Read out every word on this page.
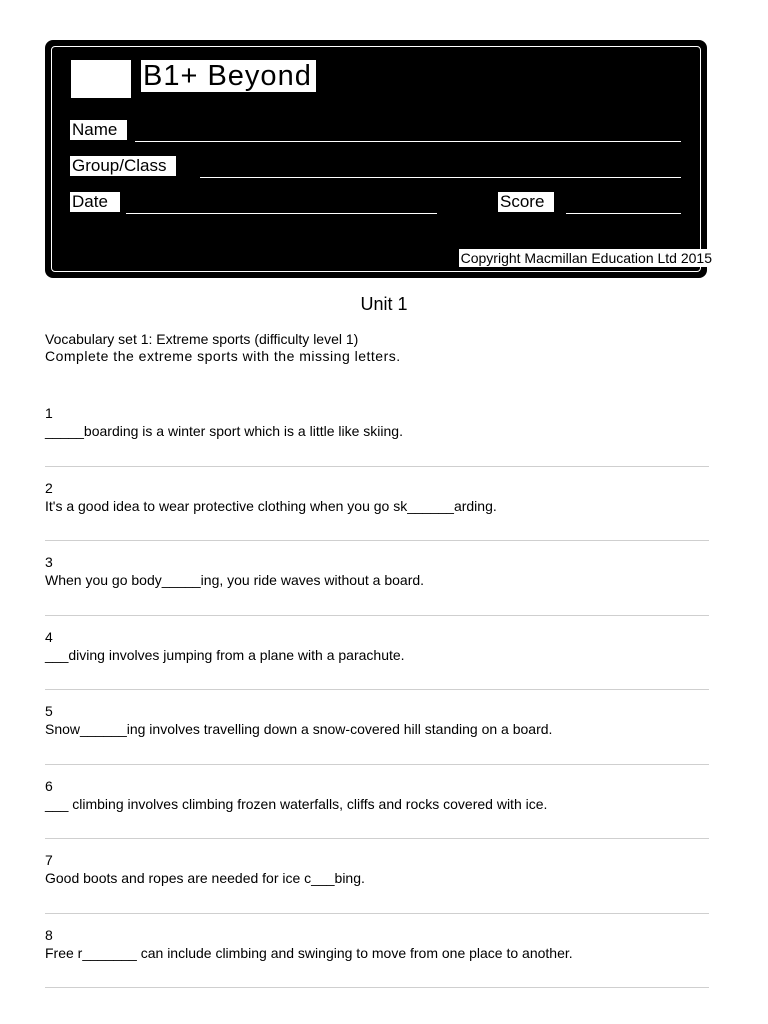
B1+ Beyond
Name
Group/Class
Date	Score
Copyright Macmillan Education Ltd 2015
Unit 1
Vocabulary set 1: Extreme sports (difficulty level 1)
Complete the extreme sports with the missing letters.
1
_____boarding is a winter sport which is a little like skiing.
2
It's a good idea to wear protective clothing when you go sk______arding.
3
When you go body_____ing, you ride waves without a board.
4
___diving involves jumping from a plane with a parachute.
5
Snow______ing involves travelling down a snow-covered hill standing on a board.
6
___ climbing involves climbing frozen waterfalls, cliffs and rocks covered with ice.
7
Good boots and ropes are needed for ice c___bing.
8
Free r_______ can include climbing and swinging to move from one place to another.
